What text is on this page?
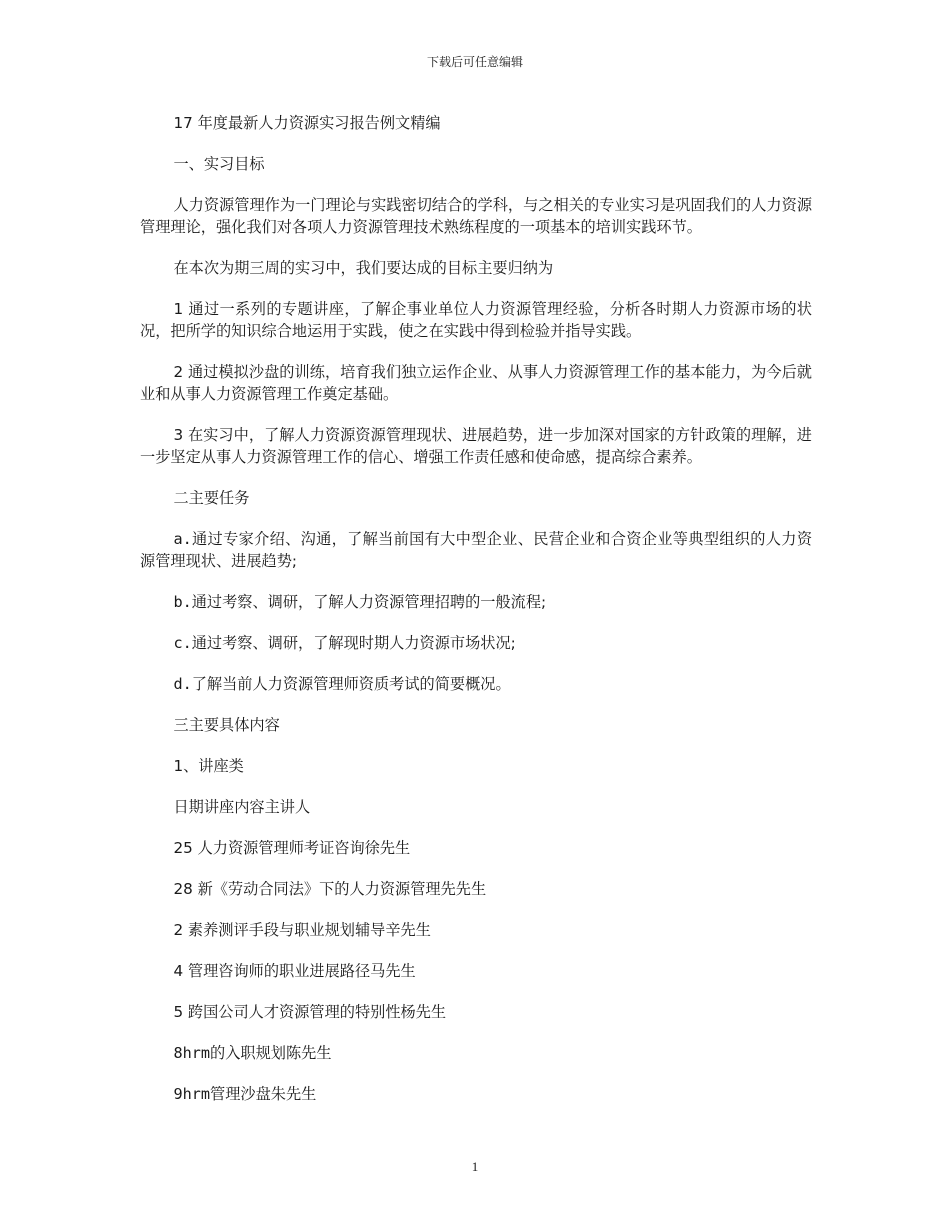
下载后可任意编辑

17 年度最新人力资源实习报告例文精编

一、实习目标

人力资源管理作为一门理论与实践密切结合的学科，与之相关的专业实习是巩固我们的人力资源管理理论，强化我们对各项人力资源管理技术熟练程度的一项基本的培训实践环节。

在本次为期三周的实习中，我们要达成的目标主要归纳为

1 通过一系列的专题讲座，了解企事业单位人力资源管理经验，分析各时期人力资源市场的状况，把所学的知识综合地运用于实践，使之在实践中得到检验并指导实践。

2 通过模拟沙盘的训练，培育我们独立运作企业、从事人力资源管理工作的基本能力，为今后就业和从事人力资源管理工作奠定基础。

3 在实习中，了解人力资源资源管理现状、进展趋势，进一步加深对国家的方针政策的理解，进一步坚定从事人力资源管理工作的信心、增强工作责任感和使命感，提高综合素养。

二主要任务

a.通过专家介绍、沟通，了解当前国有大中型企业、民营企业和合资企业等典型组织的人力资源管理现状、进展趋势;

b.通过考察、调研，了解人力资源管理招聘的一般流程;

c.通过考察、调研，了解现时期人力资源市场状况;

d.了解当前人力资源管理师资质考试的简要概况。

三主要具体内容

1、讲座类

日期讲座内容主讲人

25 人力资源管理师考证咨询徐先生

28 新《劳动合同法》下的人力资源管理先先生

2 素养测评手段与职业规划辅导辛先生

4 管理咨询师的职业进展路径马先生

5 跨国公司人才资源管理的特别性杨先生

8hrm的入职规划陈先生

9hrm管理沙盘朱先生

1
